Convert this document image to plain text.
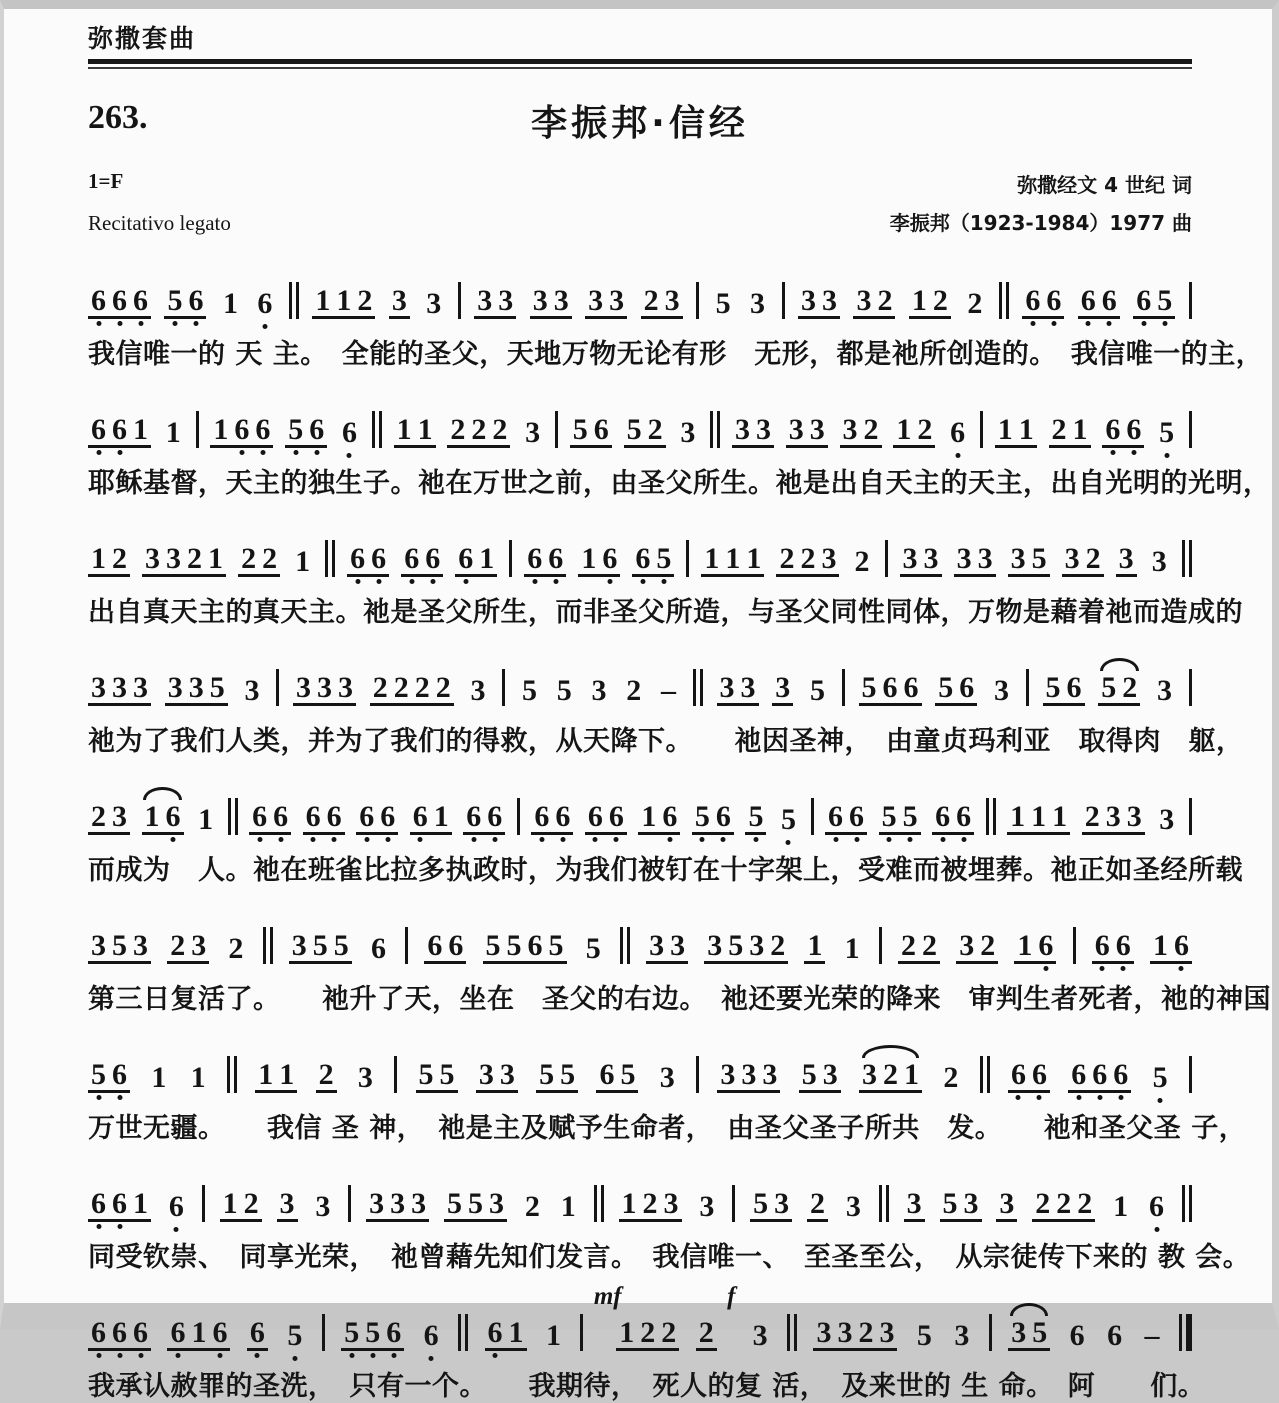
弥撒套曲
263.	李振邦·信经
1=F
Recitativo legato
弥撒经文 4 世纪 词
李振邦（1923-1984）1977 曲
6 6 6 5 6 1 6 1 1 2 3 3 3 3 3 3 3 3 2 3 5 3 3 3 3 2 1 2 2 6 6 6 6 6 5
我信唯一的 天 主。　全能的圣父，天地万物无论有形　无形，都是祂所创造的。　我信唯一的主，
6 6 1 1 1 6 6 5 6 6 1 1 2 2 2 3 5 6 5 2 3 3 3 3 3 3 2 1 2 6 1 1 2 1 6 6 5
耶稣基督，天主的独生子。祂在万世之前，由圣父所生。祂是出自天主的天主，出自光明的光明，
1 2 3 3 2 1 2 2 1 6 6 6 6 6 1 6 6 1 6 6 5 1 1 1 2 2 3 2 3 3 3 3 3 5 3 2 3 3
出自真天主的真天主。祂是圣父所生，而非圣父所造，与圣父同性同体，万物是藉着祂而造成的
3 3 3 3 3 5 3 3 3 3 2 2 2 2 3 5 5 3 2 – 3 3 3 5 5 6 6 5 6 3 5 6 5 2 3
祂为了我们人类，并为了我们的得救，从天降下。　　祂因圣神，　由童贞玛利亚　取得肉　躯，
2 3 1 6 1 6 6 6 6 6 6 6 1 6 6 6 6 6 6 1 6 5 6 5 5 6 6 5 5 6 6 1 1 1 2 3 3 3
而成为　人。祂在班雀比拉多执政时，为我们被钉在十字架上，受难而被埋葬。祂正如圣经所载
3 5 3 2 3 2 3 5 5 6 6 6 5 5 6 5 5 3 3 3 5 3 2 1 1 2 2 3 2 1 6 6 6 1 6
第三日复活了。　　祂升了天，坐在　圣父的右边。　祂还要光荣的降来　审判生者死者，祂的神国
5 6 1 1 1 1 2 3 5 5 3 3 5 5 6 5 3 3 3 3 5 3 3 2 1 2 6 6 6 6 6 5
万世无疆。　　我信 圣 神，　祂是主及赋予生命者，　由圣父圣子所共　发。　　祂和圣父圣 子，
6 6 1 6 1 2 3 3 3 3 3 5 5 3 2 1 1 2 3 3 5 3 2 3 3 5 3 3 2 2 2 1 6
同受钦崇、　同享光荣，　祂曾藉先知们发言。　我信唯一、　至圣至公，　从宗徒传下来的 教 会。
6 6 6 6 1 6 6 5 5 5 6 6 6 1 1
mf
1 2 2 2
f
3 3 3 2 3 5 3 3 5 6 6 –
我承认赦罪的圣洗，　只有一个。　　我期待，　死人的复 活，　及来世的 生 命。　阿　　们。
